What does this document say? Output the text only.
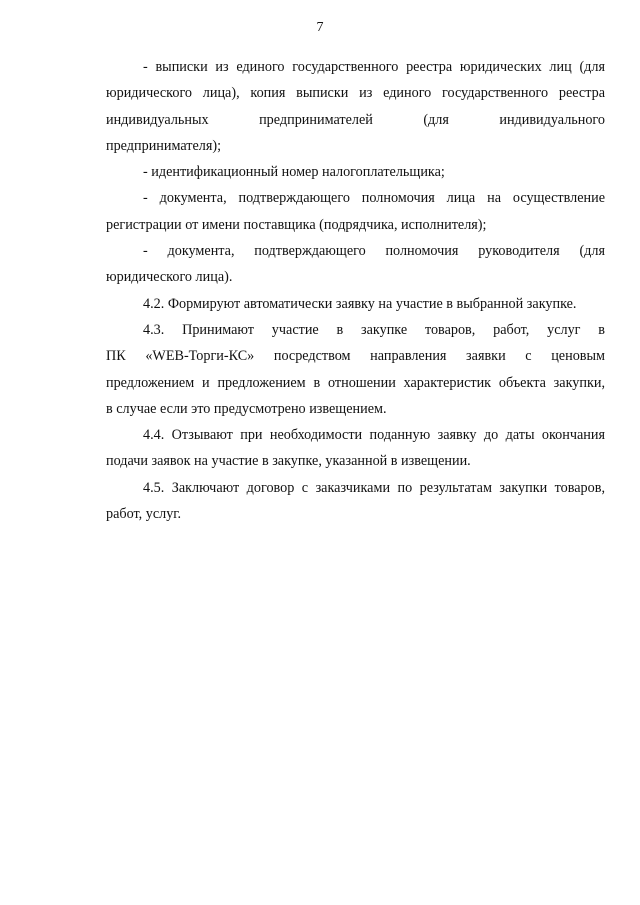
7
- выписки из единого государственного реестра юридических лиц (для
юридического лица), копия выписки из единого государственного реестра
индивидуальных предпринимателей (для индивидуального
предпринимателя);
- идентификационный номер налогоплательщика;
- документа, подтверждающего полномочия лица на осуществление
регистрации от имени поставщика (подрядчика, исполнителя);
- документа, подтверждающего полномочия руководителя (для
юридического лица).
4.2. Формируют автоматически заявку на участие в выбранной закупке.
4.3. Принимают участие в закупке товаров, работ, услуг в
ПК «WEB-Торги-КС» посредством направления заявки с ценовым
предложением и предложением в отношении характеристик объекта закупки,
в случае если это предусмотрено извещением.
4.4. Отзывают при необходимости поданную заявку до даты окончания
подачи заявок на участие в закупке, указанной в извещении.
4.5. Заключают договор с заказчиками по результатам закупки товаров,
работ, услуг.
